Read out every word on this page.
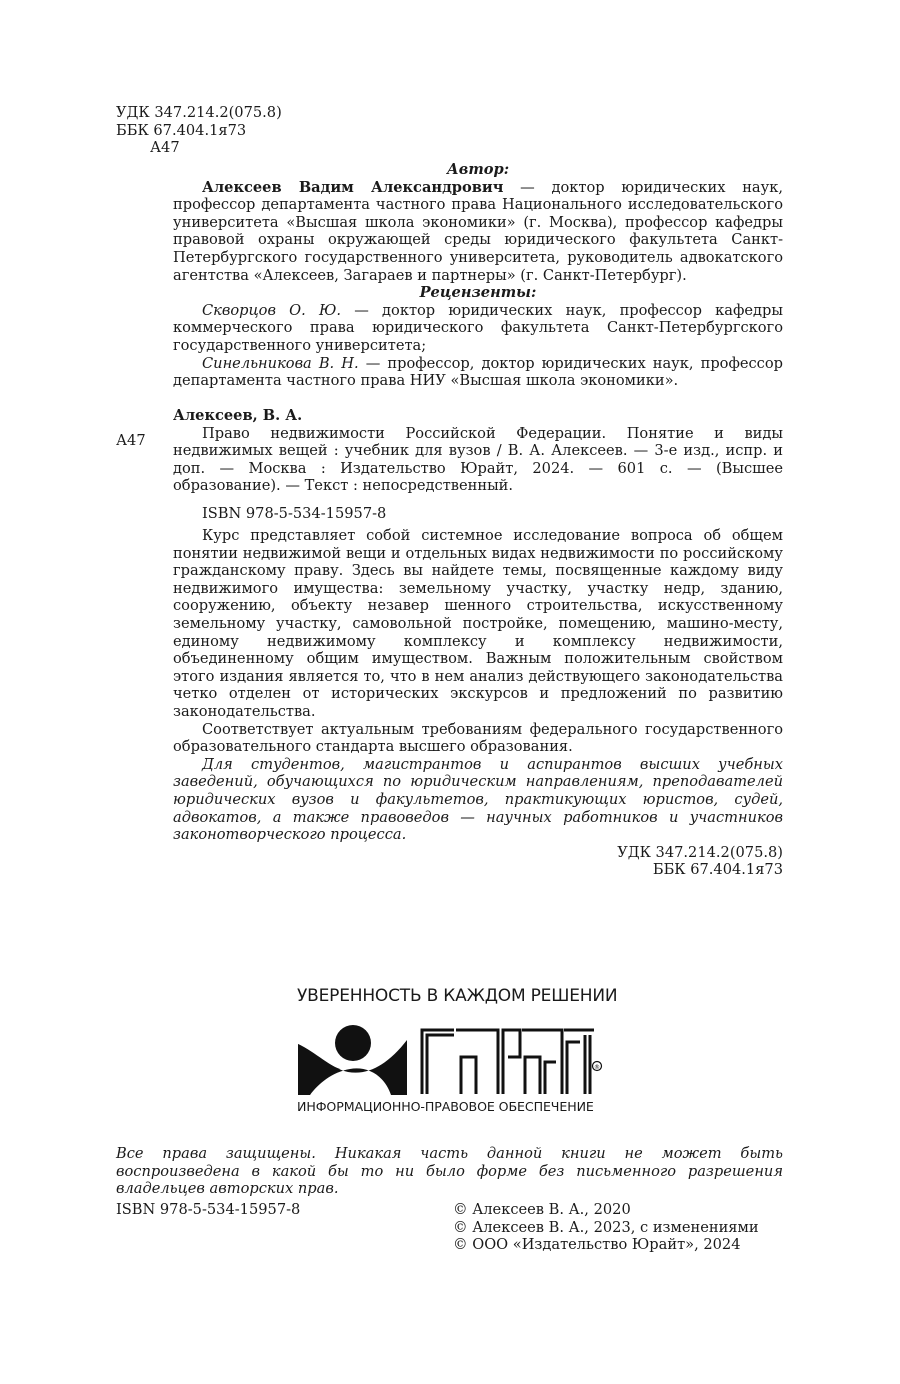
УДК 347.214.2(075.8)
ББК 67.404.1я73
А47
Автор:

Алексеев Вадим Александрович — доктор юридических наук, профессор департамента частного права Национального исследовательского университета «Высшая школа экономики» (г. Москва), профессор кафедры правовой охраны окружающей среды юридического факультета Санкт-Петербургского государственного университета, руководитель адвокатского агентства «Алексеев, Загараев и партнеры» (г. Санкт-Петербург).

Рецензенты:

Скворцов О. Ю. — доктор юридических наук, профессор кафедры коммерческого права юридического факультета Санкт-Петербургского государственного университета;

Синельникова В. Н. — профессор, доктор юридических наук, профессор департамента частного права НИУ «Высшая школа экономики».

Алексеев, В. А.

Право недвижимости Российской Федерации. Понятие и виды недвижимых вещей : учебник для вузов / В. А. Алексеев. — 3-е изд., испр. и доп. — Москва : Издательство Юрайт, 2024. — 601 с. — (Высшее образование). — Текст : непосредственный.

ISBN 978-5-534-15957-8

А47

Курс представляет собой системное исследование вопроса об общем понятии недвижимой вещи и отдельных видах недвижимости по российскому гражданскому праву. Здесь вы найдете темы, посвященные каждому виду недвижимого имущества: земельному участку, участку недр, зданию, сооружению, объекту незавер шенного строительства, искусственному земельному участку, самовольной постройке, помещению, машино-месту, единому недвижимому комплексу и комплексу недвижимости, объединенному общим имуществом. Важным положительным свойством этого издания является то, что в нем анализ действующего законодательства четко отделен от исторических экскурсов и предложений по развитию законодательства.

Соответствует актуальным требованиям федерального государственного образовательного стандарта высшего образования.

Для студентов, магистрантов и аспирантов высших учебных заведений, обучающихся по юридическим направлениям, преподавателей юридических вузов и факультетов, практикующих юристов, судей, адвокатов, а также правоведов — научных работников и участников законотворческого процесса.

УДК 347.214.2(075.8)
ББК 67.404.1я73
УВЕРЕННОСТЬ В КАЖДОМ РЕШЕНИИ
®
ИНФОРМАЦИОННО-ПРАВОВОЕ ОБЕСПЕЧЕНИЕ

Все права защищены. Никакая часть данной книги не может быть воспроизведена в какой бы то ни было форме без письменного разрешения владельцев авторских прав.

ISBN 978-5-534-15957-8	© Алексеев В. А., 2020
© Алексеев В. А., 2023, с изменениями
© ООО «Издательство Юрайт», 2024
